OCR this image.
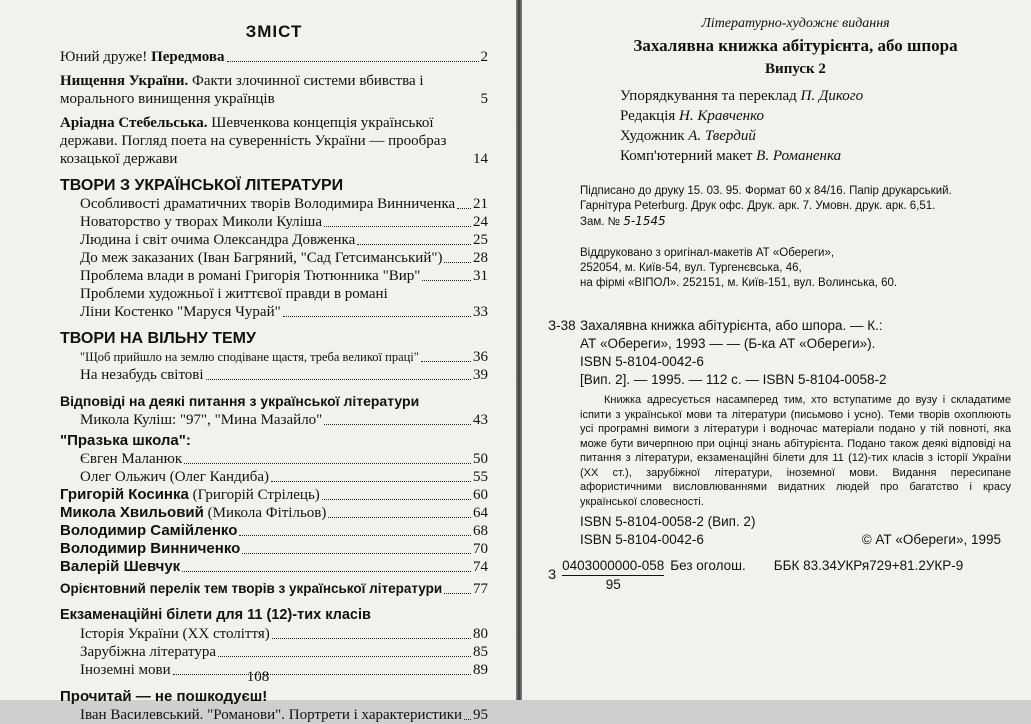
ЗМІСТ
Юний друже! Передмова	2
Нищення України. Факти злочинної системи вбивства і морального винищення українців	5
Аріадна Стебельська. Шевченкова концепція української держави. Погляд поета на суверенність України — прообраз козацької держави	14
ТВОРИ З УКРАЇНСЬКОЇ ЛІТЕРАТУРИ
Особливості драматичних творів Володимира Винниченка 21
Новаторство у творах Миколи Куліша	24
Людина і світ очима Олександра Довженка	25
До меж заказаних (Іван Багряний, "Сад Гетсиманський") 28
Проблема влади в романі Григорія Тютюнника "Вир"	31
Проблеми художньої і життєвої правди в романі
Ліни Костенко "Маруся Чурай"	33
ТВОРИ НА ВІЛЬНУ ТЕМУ
"Щоб прийшло на землю сподіване щастя, треба великої праці"	36
На незабудь світові	39
Відповіді на деякі питання з української літератури
Микола Куліш: "97", "Мина Мазайло"	43
"Празька школа":
Євген Маланюк	50
Олег Ольжич (Олег Кандиба)	55
Григорій Косинка (Григорій Стрілець)	60
Микола Хвильовий (Микола Фітільов)	64
Володимир Самійленко	68
Володимир Винниченко	70
Валерій Шевчук	74
Орієнтовний перелік тем творів з української літератури 77
Екзаменаційні білети для 11 (12)-тих класів
Історія України (ХХ століття)	80
Зарубіжна література	85
Іноземні мови	89
Прочитай — не пошкодуєш!
Іван Василевський. "Романови". Портрети і характеристики 95
108
Літературно-художнє видання
Захалявна книжка абітурієнта, або шпора
Випуск 2
Упорядкування та переклад П. Дикого
Редакція Н. Кравченко
Художник А. Твердий
Комп'ютерний макет В. Романенка
Підписано до друку 15. 03. 95. Формат 60 х 84/16. Папір друкарський.
Гарнітура Peterburg. Друк офс. Друк. арк. 7. Умовн. друк. арк. 6,51.
Зам. № 5-1545
Віддруковано з оригінал-макетів АТ «Обереги»,
252054, м. Київ-54, вул. Тургенєвська, 46,
на фірмі «ВІПОЛ». 252151, м. Київ-151, вул. Волинська, 60.
З-38 Захалявна книжка абітурієнта, або шпора. — К.:
АТ «Обереги», 1993 — — (Б-ка АТ «Обереги»).
ISBN 5-8104-0042-6
[Вип. 2]. — 1995. — 112 с. — ISBN 5-8104-0058-2

Книжка адресується насамперед тим, хто вступатиме до вузу і складатиме іспити з української мови та літератури (письмово і усно). Теми творів охоплюють усі програмні вимоги з літератури і водночас матеріали подано у тій повноті, яка може бути вичерпною при оцінці знань абітурієнта. Подано також деякі відповіді на питання з літератури, екзаменаційні білети для 11 (12)-тих класів з історії України (ХХ ст.), зарубіжної літератури, іноземної мови. Видання пересипане афористичними висловлюваннями видатних людей про багатство і красу української словесності.

ISBN 5-8104-0058-2 (Вип. 2)
ISBN 5-8104-0042-6	© АТ «Обереги», 1995
З
0403000000-058
95
Без оголош. ББК 83.34УКРя729+81.2УКР-9
